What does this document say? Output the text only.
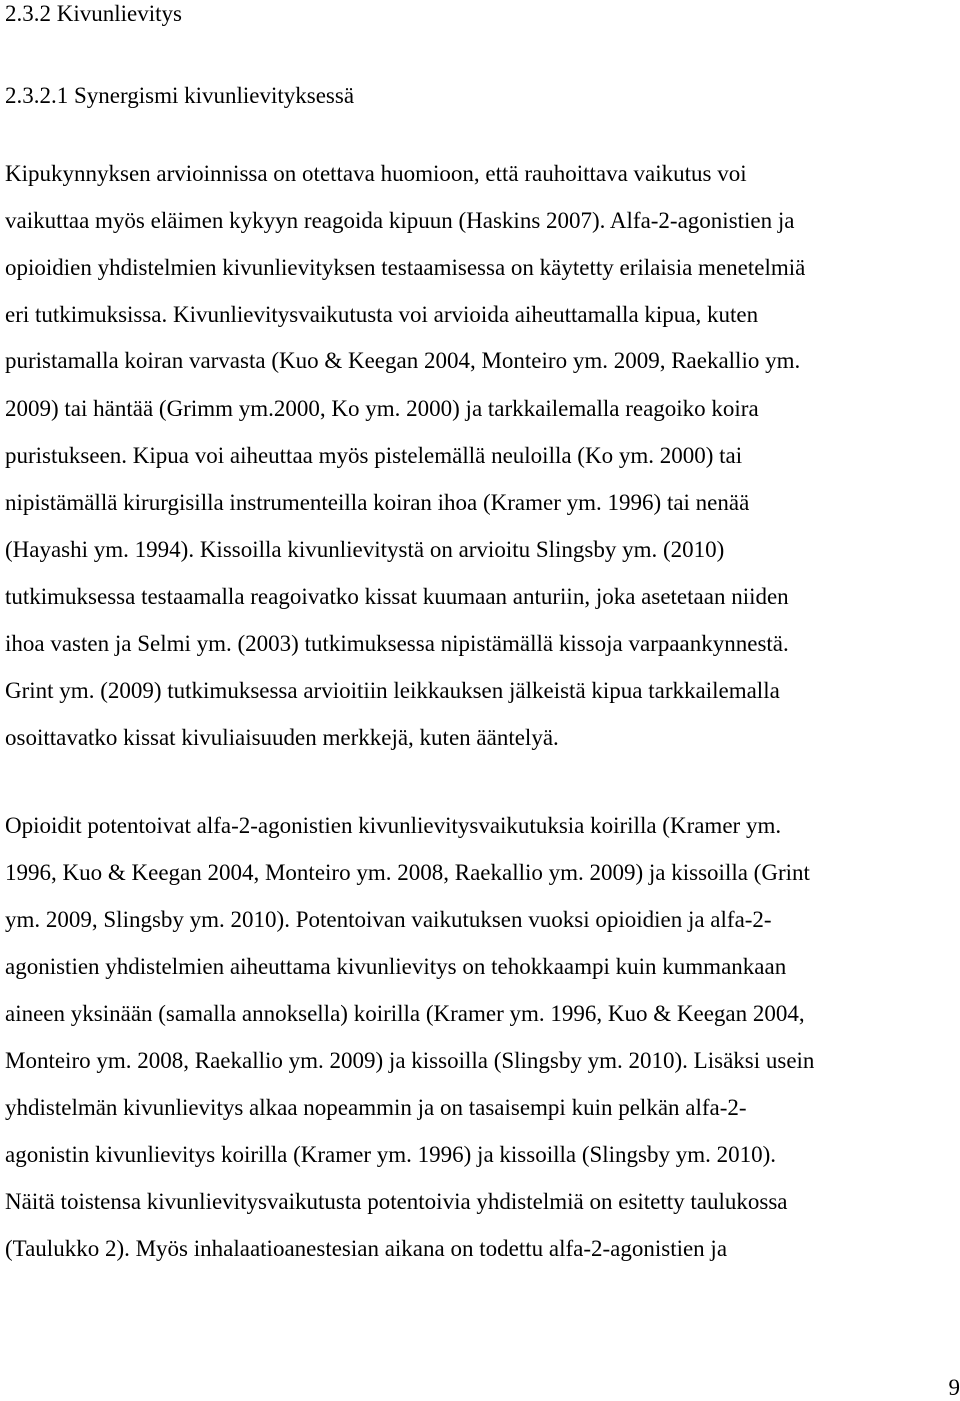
2.3.2 Kivunlievitys
2.3.2.1 Synergismi kivunlievityksessä
Kipukynnyksen arvioinnissa on otettava huomioon, että rauhoittava vaikutus voi
vaikuttaa myös eläimen kykyyn reagoida kipuun (Haskins 2007). Alfa-2-agonistien ja
opioidien yhdistelmien kivunlievityksen testaamisessa on käytetty erilaisia menetelmiä
eri tutkimuksissa. Kivunlievitysvaikutusta voi arvioida aiheuttamalla kipua, kuten
puristamalla koiran varvasta (Kuo & Keegan 2004, Monteiro ym. 2009, Raekallio ym.
2009) tai häntää (Grimm ym.2000, Ko ym. 2000) ja tarkkailemalla reagoiko koira
puristukseen. Kipua voi aiheuttaa myös pistelemällä neuloilla (Ko ym. 2000) tai
nipistämällä kirurgisilla instrumenteilla koiran ihoa (Kramer ym. 1996) tai nenää
(Hayashi ym. 1994). Kissoilla kivunlievitystä on arvioitu Slingsby ym. (2010)
tutkimuksessa testaamalla reagoivatko kissat kuumaan anturiin, joka asetetaan niiden
ihoa vasten ja Selmi ym. (2003) tutkimuksessa nipistämällä kissoja varpaankynnestä.
Grint ym. (2009) tutkimuksessa arvioitiin leikkauksen jälkeistä kipua tarkkailemalla
osoittavatko kissat kivuliaisuuden merkkejä, kuten ääntelyä.
Opioidit potentoivat alfa-2-agonistien kivunlievitysvaikutuksia koirilla (Kramer ym.
1996, Kuo & Keegan 2004, Monteiro ym. 2008, Raekallio ym. 2009) ja kissoilla (Grint
ym. 2009, Slingsby ym. 2010). Potentoivan vaikutuksen vuoksi opioidien ja alfa-2-
agonistien yhdistelmien aiheuttama kivunlievitys on tehokkaampi kuin kummankaan
aineen yksinään (samalla annoksella) koirilla (Kramer ym. 1996, Kuo & Keegan 2004,
Monteiro ym. 2008, Raekallio ym. 2009) ja kissoilla (Slingsby ym. 2010). Lisäksi usein
yhdistelmän kivunlievitys alkaa nopeammin ja on tasaisempi kuin pelkän alfa-2-
agonistin kivunlievitys koirilla (Kramer ym. 1996) ja kissoilla (Slingsby ym. 2010).
Näitä toistensa kivunlievitysvaikutusta potentoivia yhdistelmiä on esitetty taulukossa
(Taulukko 2). Myös inhalaatioanestesian aikana on todettu alfa-2-agonistien ja
9
